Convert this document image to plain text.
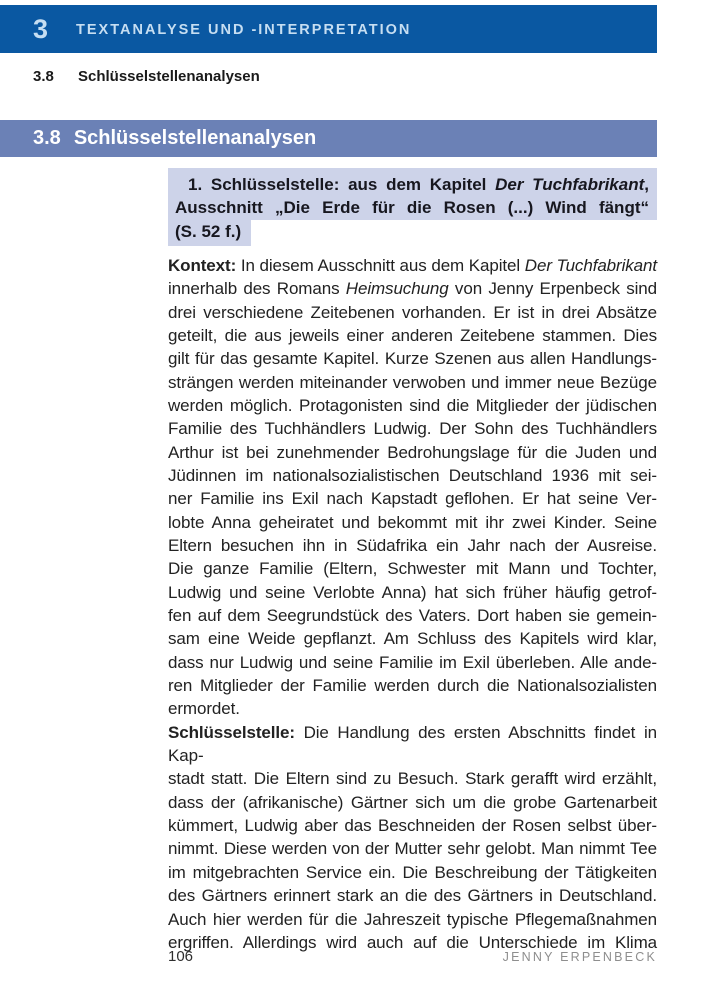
3 TEXTANALYSE UND -INTERPRETATION
3.8 Schlüsselstellenanalysen
3.8 Schlüsselstellenanalysen
1. Schlüsselstelle: aus dem Kapitel Der Tuchfabrikant,
Ausschnitt „Die Erde für die Rosen (...) Wind fängt“
(S. 52 f.)

Kontext: In diesem Ausschnitt aus dem Kapitel Der Tuchfabrikant
innerhalb des Romans Heimsuchung von Jenny Erpenbeck sind
drei verschiedene Zeitebenen vorhanden. Er ist in drei Absätze
geteilt, die aus jeweils einer anderen Zeitebene stammen. Dies
gilt für das gesamte Kapitel. Kurze Szenen aus allen Handlungs-
strängen werden miteinander verwoben und immer neue Bezüge
werden möglich. Protagonisten sind die Mitglieder der jüdischen
Familie des Tuchhändlers Ludwig. Der Sohn des Tuchhändlers
Arthur ist bei zunehmender Bedrohungslage für die Juden und
Jüdinnen im nationalsozialistischen Deutschland 1936 mit sei-
ner Familie ins Exil nach Kapstadt geflohen. Er hat seine Ver-
lobte Anna geheiratet und bekommt mit ihr zwei Kinder. Seine
Eltern besuchen ihn in Südafrika ein Jahr nach der Ausreise.
Die ganze Familie (Eltern, Schwester mit Mann und Tochter,
Ludwig und seine Verlobte Anna) hat sich früher häufig getrof-
fen auf dem Seegrundstück des Vaters. Dort haben sie gemein-
sam eine Weide gepflanzt. Am Schluss des Kapitels wird klar,
dass nur Ludwig und seine Familie im Exil überleben. Alle ande-
ren Mitglieder der Familie werden durch die Nationalsozialisten
ermordet.
Schlüsselstelle: Die Handlung des ersten Abschnitts findet in Kap-
stadt statt. Die Eltern sind zu Besuch. Stark gerafft wird erzählt,
dass der (afrikanische) Gärtner sich um die grobe Gartenarbeit
kümmert, Ludwig aber das Beschneiden der Rosen selbst über-
nimmt. Diese werden von der Mutter sehr gelobt. Man nimmt Tee
im mitgebrachten Service ein. Die Beschreibung der Tätigkeiten
des Gärtners erinnert stark an die des Gärtners in Deutschland.
Auch hier werden für die Jahreszeit typische Pflegemaßnahmen
ergriffen. Allerdings wird auch auf die Unterschiede im Klima
106	JENNY ERPENBECK
